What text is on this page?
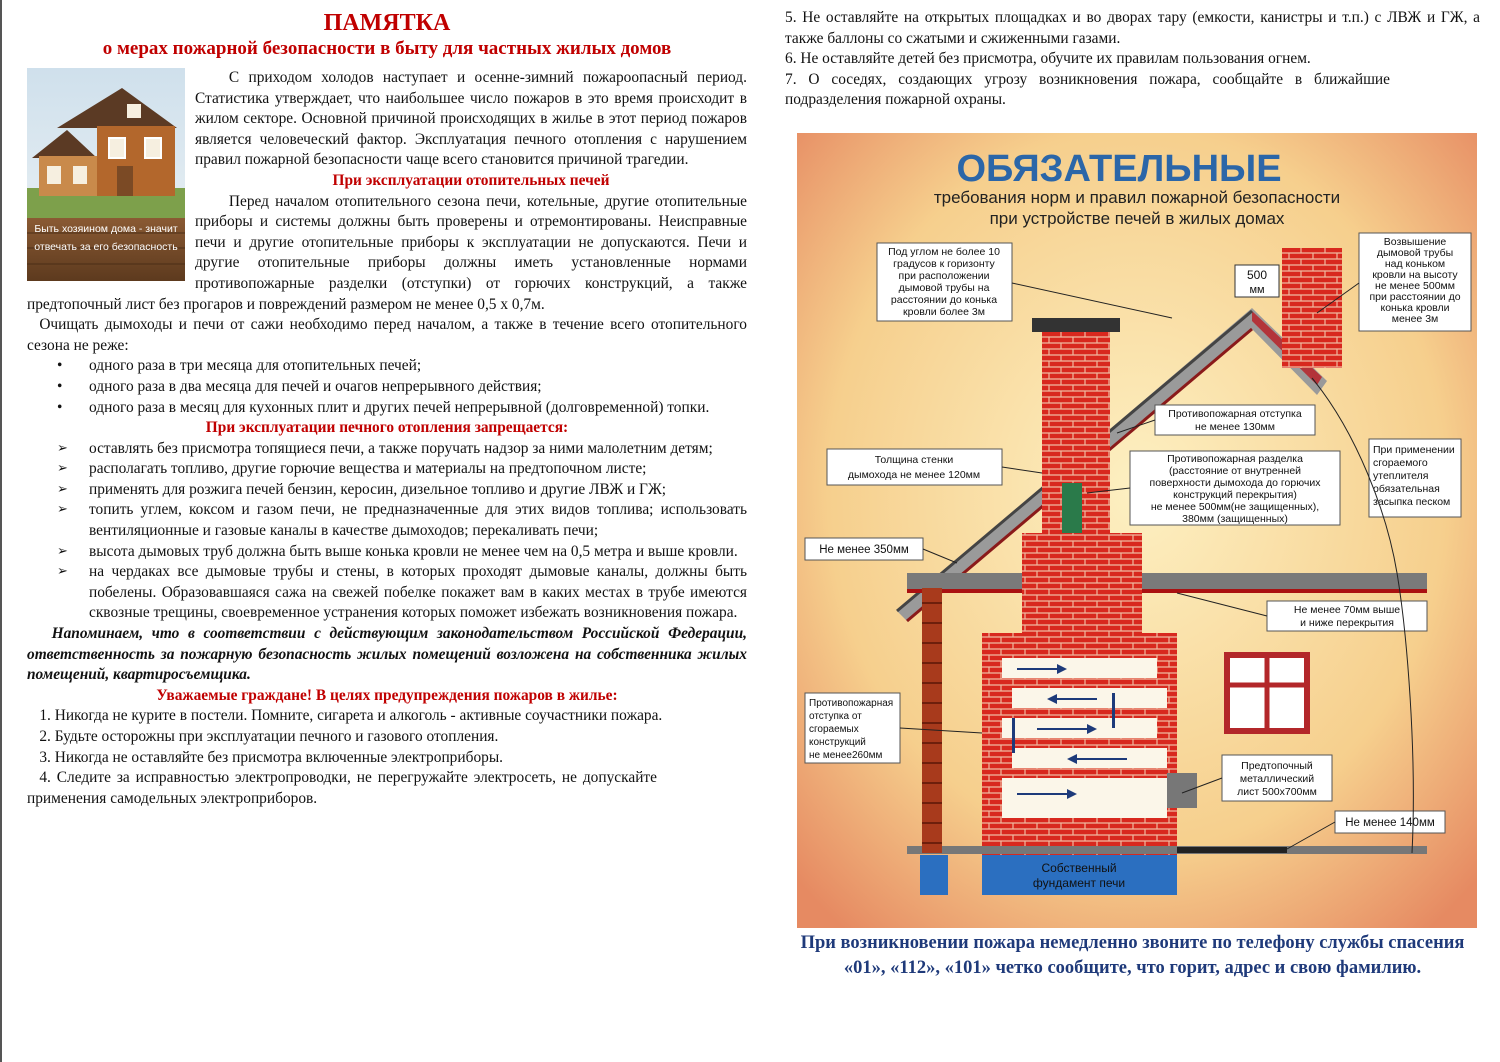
ПАМЯТКА
о мерах пожарной безопасности в быту для частных жилых домов
Быть хозяином дома - значит отвечать за его безопасность

С приходом холодов наступает и осенне-зимний пожароопасный период. Статистика утверждает, что наибольшее число пожаров в это время происходит в жилом секторе. Основной причиной происходящих в жилье в этот период пожаров является человеческий фактор. Эксплуатация печного отопления с нарушением правил пожарной безопасности чаще всего становится причиной трагедии.

При эксплуатации отопительных печей

Перед началом отопительного сезона печи, котельные, другие отопительные приборы и системы должны быть проверены и отремонтированы. Неисправные печи и другие отопительные приборы к эксплуатации не допускаются. Печи и другие отопительные приборы должны иметь установленные нормами противопожарные разделки (отступки) от горючих конструкций, а также предтопочный лист без прогаров и повреждений размером не менее 0,5 х 0,7м.

Очищать дымоходы и печи от сажи необходимо перед началом, а также в течение всего отопительного сезона не реже:

• одного раза в три месяца для отопительных печей;
• одного раза в два месяца для печей и очагов непрерывного действия;
• одного раза в месяц для кухонных плит и других печей непрерывной (долговременной) топки.

При эксплуатации печного отопления запрещается:

➢ оставлять без присмотра топящиеся печи, а также поручать надзор за ними малолетним детям;
➢ располагать топливо, другие горючие вещества и материалы на предтопочном листе;
➢ применять для розжига печей бензин, керосин, дизельное топливо и другие ЛВЖ и ГЖ;
➢ топить углем, коксом и газом печи, не предназначенные для этих видов топлива; использовать вентиляционные и газовые каналы в качестве дымоходов; перекаливать печи;
➢ высота дымовых труб должна быть выше конька кровли не менее чем на 0,5 метра и выше кровли.
➢ на чердаках все дымовые трубы и стены, в которых проходят дымовые каналы, должны быть побелены. Образовавшаяся сажа на свежей побелке покажет вам в каких местах в трубе имеются сквозные трещины, своевременное устранения которых поможет избежать возникновения пожара.

Напоминаем, что в соответствии с действующим законодательством Российской Федерации, ответственность за пожарную безопасность жилых помещений возложена на собственника жилых помещений, квартиросъемщика.

Уважаемые граждане! В целях предупреждения пожаров в жилье:

1. Никогда не курите в постели. Помните, сигарета и алкоголь - активные соучастники пожара.

2. Будьте осторожны при эксплуатации печного и газового отопления.

3. Никогда не оставляйте без присмотра включенные электроприборы.

4. Следите за исправностью электропроводки, не перегружайте электросеть, не допускайте применения самодельных электроприборов.

5. Не оставляйте на открытых площадках и во дворах тару (емкости, канистры и т.п.) с ЛВЖ и ГЖ, а также баллоны со сжатыми и сжиженными газами.

6. Не оставляйте детей без присмотра, обучите их правилам пользования огнем.

7. О соседях, создающих угрозу возникновения пожара, сообщайте в ближайшие подразделения пожарной охраны.

ОБЯЗАТЕЛЬНЫЕ
требования норм и правил пожарной безопасности
при устройстве печей в жилых домах
Собственный
фундамент печи
500
мм
Под углом не более 10
градусов к горизонту
при расположении
дымовой трубы на
расстоянии до конька
кровли более 3м
Возвышение
дымовой трубы
над коньком
кровли на высоту
не менее 500мм
при расстоянии до
конька кровли
менее 3м
Противопожарная отступка
не менее 130мм
Толщина стенки
дымохода не менее 120мм
Противопожарная разделка
(расстояние от внутренней
поверхности дымохода до горючих
конструкций перекрытия)
не менее 500мм(не защищенных),
380мм (защищенных)
При применении
сгораемого
утеплителя
обязательная
засыпка песком
Не менее 350мм
Не менее 70мм выше
и ниже перекрытия
Противопожарная
отступка от
сгораемых
конструкций
не менее260мм
Предтопочный
металлический
лист 500х700мм
Не менее 140мм
При возникновении пожара немедленно звоните по телефону службы спасения «01», «112», «101» четко сообщите, что горит, адрес и свою фамилию.
